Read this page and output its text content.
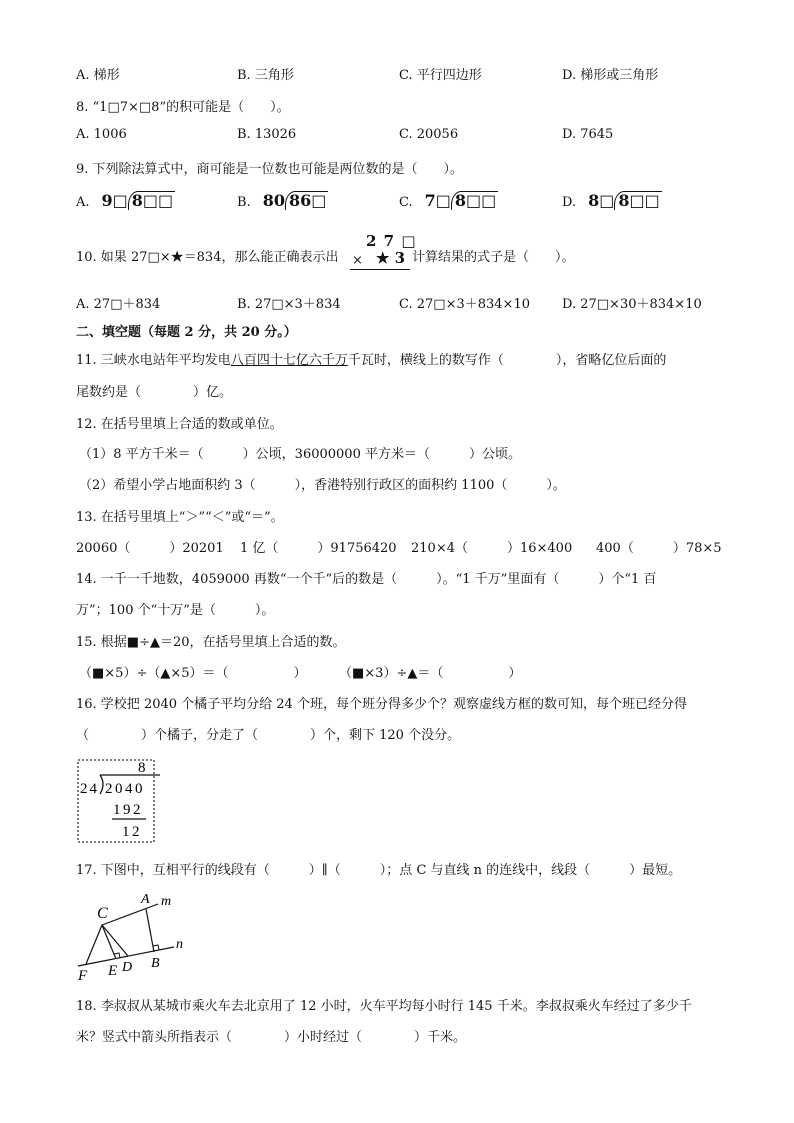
A. 梯形	B. 三角形	C. 平行四边形	D. 梯形或三角形
8. “1□7×□8”的积可能是（　　）。
A. 1006	B. 13026	C. 20056	D. 7645
9. 下列除法算式中，商可能是一位数也可能是两位数的是（　　）。
A. 9□ 8□□	B. 80 86□	C. 7□ 8□□	D. 8□ 8□□
10. 如果 27□×★＝834，那么能正确表示出
2 7 □
× ★ 3 计算结果的式子是（　　）。
A. 27□＋834	B. 27□×3＋834	C. 27□×3＋834×10 D. 27□×30＋834×10
二、填空题（每题 2 分，共 20 分。）
11. 三峡水电站年平均发电八百四十七亿六千万千瓦时，横线上的数写作（　　　　），省略亿位后面的
尾数约是（　　　　）亿。
12. 在括号里填上合适的数或单位。
（1）8 平方千米＝（　　　）公顷，36000000 平方米＝（　　　）公顷。
（2）希望小学占地面积约 3（　　　），香港特别行政区的面积约 1100（　　　）。
13. 在括号里填上“＞”“＜”或“＝”。
20060（　　　）20201 1 亿（　　　）91756420 210×4（　　　）16×400 400（　　　）78×5
14. 一千一千地数，4059000 再数“一个千”后的数是（　　　）。“1 千万”里面有（　　　）个“1 百
万”；100 个“十万”是（　　　）。
15. 根据■÷▲＝20，在括号里填上合适的数。
（■×5）÷（▲×5）＝（　　　　　） （■×3）÷▲＝（　　　　　）
16. 学校把 2040 个橘子平均分给 24 个班，每个班分得多少个？观察虚线方框的数可知，每个班已经分得
（　　　　）个橘子，分走了（　　　　）个，剩下 120 个没分。
8
24 2040
192
12
17. 下图中，互相平行的线段有（　　　）∥（　　　）；点 C 与直线 n 的连线中，线段（　　　）最短。
A m
C
n
F E D B
18. 李叔叔从某城市乘火车去北京用了 12 小时，火车平均每小时行 145 千米。李叔叔乘火车经过了多少千
米？竖式中箭头所指表示（　　　　）小时经过（　　　　）千米。
